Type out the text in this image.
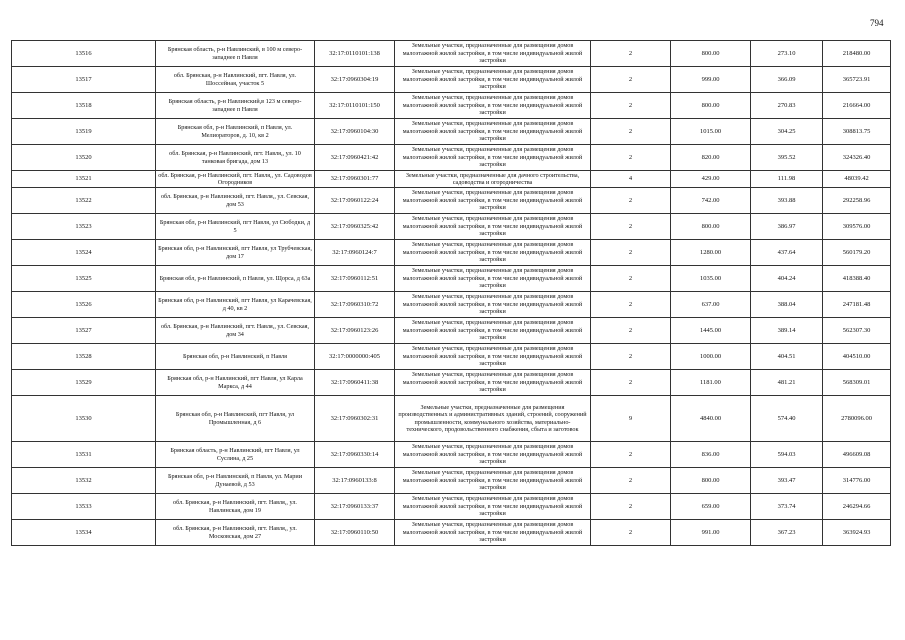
794
13516	Брянская область, р-н Навлинский, в 100 м северо-западнее п Навля	32:17:0110101:138	Земельные участки, предназначенные для размещения домов малоэтажной жилой застройки, в том числе индивидуальной жилой застройки	2	800.00	273.10	218480.00
13517	обл. Брянская, р-н Навлинский, пгт. Навля, ул. Шоссейная, участок 5	32:17:0960304:19	Земельные участки, предназначенные для размещения домов малоэтажной жилой застройки, в том числе индивидуальной жилой застройки	2	999.00	366.09	365723.91
13518	Брянская область, р-н Навлинский,в 123 м северо-западнее п Навля	32:17:0110101:150	Земельные участки, предназначенные для размещения домов малоэтажной жилой застройки, в том числе индивидуальной жилой застройки	2	800.00	270.83	216664.00
13519	Брянская обл, р-н Навлинский, п Навля, ул. Мелиораторов, д. 10, кв 2	32:17:0960104:30	Земельные участки, предназначенные для размещения домов малоэтажной жилой застройки, в том числе индивидуальной жилой застройки	2	1015.00	304.25	308813.75
13520	обл. Брянская, р-н Навлинский, пгт. Навля,, ул. 10 танковая бригада, дом 13	32:17:0960421:42	Земельные участки, предназначенные для размещения домов малоэтажной жилой застройки, в том числе индивидуальной жилой застройки	2	820.00	395.52	324326.40
13521	обл. Брянская, р-н Навлинский, пгт. Навля,, ул. Садоводов Огородников	32:17:0960301:77	Земельные участки, предназначенные для дачного строительства, садоводства и огородничества	4	429.00	111.98	48039.42
13522	обл. Брянская, р-н Навлинский, пгт. Навля,, ул. Севская, дом 53	32:17:0960122:24	Земельные участки, предназначенные для размещения домов малоэтажной жилой застройки, в том числе индивидуальной жилой застройки	2	742.00	393.88	292258.96
13523	Брянская обл, р-н Навлинский, пгт Навля, ул Сюбодки, д 5	32:17:0960325:42	Земельные участки, предназначенные для размещения домов малоэтажной жилой застройки, в том числе индивидуальной жилой застройки	2	800.00	386.97	309576.00
13524	Брянская обл, р-н Навлинский, пгт Навля, ул Трубчевская, дом 17	32:17:0960124:7	Земельные участки, предназначенные для размещения домов малоэтажной жилой застройки, в том числе индивидуальной жилой застройки	2	1280.00	437.64	560179.20
13525	Брянская обл, р-н Навлинский, п Навля, ул. Щорса, д 63а	32:17:0960112:51	Земельные участки, предназначенные для размещения домов малоэтажной жилой застройки, в том числе индивидуальной жилой застройки	2	1035.00	404.24	418388.40
13526	Брянская обл, р-н Навлинский, пгт Навля, ул Карачевская, д 40, кв 2	32:17:0960310:72	Земельные участки, предназначенные для размещения домов малоэтажной жилой застройки, в том числе индивидуальной жилой застройки	2	637.00	388.04	247181.48
13527	обл. Брянская, р-н Навлинский, пгт. Навля,, ул. Севская, дом 34	32:17:0960123:26	Земельные участки, предназначенные для размещения домов малоэтажной жилой застройки, в том числе индивидуальной жилой застройки	2	1445.00	389.14	562307.30
13528	Брянская обл, р-н Навлинский, п Навля	32:17:0000000:405	Земельные участки, предназначенные для размещения домов малоэтажной жилой застройки, в том числе индивидуальной жилой застройки	2	1000.00	404.51	404510.00
13529	Брянская обл, р-н Навлинский, пгт Навля, ул Карла Маркса, д 44	32:17:0960411:38	Земельные участки, предназначенные для размещения домов малоэтажной жилой застройки, в том числе индивидуальной жилой застройки	2	1181.00	481.21	568309.01
13530	Брянская обл, р-н Навлинский, пгт Навля, ул Промышленная, д 6	32:17:0960302:31	Земельные участки, предназначенные для размещения производственных и административных зданий, строений, сооружений промышленности, коммунального хозяйства, материально-технического, продовольственного снабжения, сбыта и заготовок	9	4840.00	574.40	2780096.00
13531	Брянская область, р-н Навлинский, пгт Навля, ул Суслина, д 25	32:17:0960330:14	Земельные участки, предназначенные для размещения домов малоэтажной жилой застройки, в том числе индивидуальной жилой застройки	2	836.00	594.03	496609.08
13532	Брянская обл, р-н Навлинский, п Навля, ул. Марии Дунаевой, д 53	32:17:0960133:8	Земельные участки, предназначенные для размещения домов малоэтажной жилой застройки, в том числе индивидуальной жилой застройки	2	800.00	393.47	314776.00
13533	обл. Брянская, р-н Навлинский, пгт. Навля,, ул. Навлинская, дом 19	32:17:0960133:37	Земельные участки, предназначенные для размещения домов малоэтажной жилой застройки, в том числе индивидуальной жилой застройки	2	659.00	373.74	246294.66
13534	обл. Брянская, р-н Навлинский, пгт. Навля,, ул. Московская, дом 27	32:17:0960110:50	Земельные участки, предназначенные для размещения домов малоэтажной жилой застройки, в том числе индивидуальной жилой застройки	2	991.00	367.23	363924.93
